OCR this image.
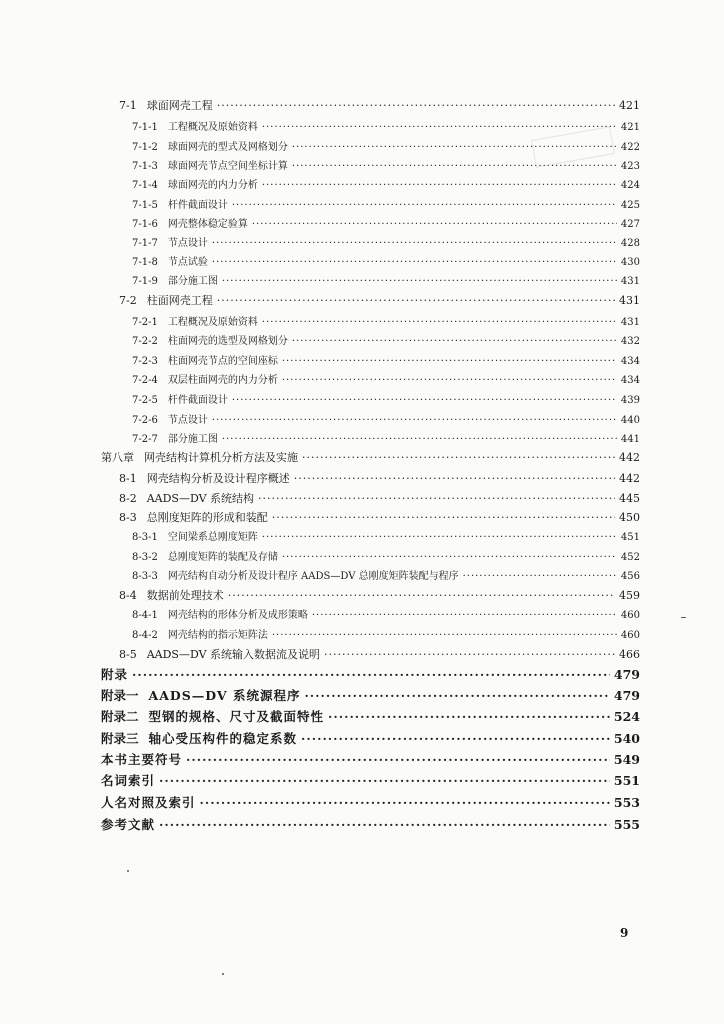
7-1 球面网壳工程 ·····	421
7-1-1 工程概况及原始资料 ·····	421
7-1-2 球面网壳的型式及网格划分 ·····	422
7-1-3 球面网壳节点空间坐标计算 ·····	423
7-1-4 球面网壳的内力分析 ·····	424
7-1-5 杆件截面设计 ·····	425
7-1-6 网壳整体稳定验算 ·····	427
7-1-7 节点设计 ·····	428
7-1-8 节点试验 ·····	430
7-1-9 部分施工图 ·····	431
7-2 柱面网壳工程 ·····	431
7-2-1 工程概况及原始资料 ·····	431
7-2-2 柱面网壳的选型及网格划分 ·····	432
7-2-3 柱面网壳节点的空间座标 ·····	434
7-2-4 双层柱面网壳的内力分析 ·····	434
7-2-5 杆件截面设计 ·····	439
7-2-6 节点设计 ·····	440
7-2-7 部分施工图 ·····	441
第八章 网壳结构计算机分析方法及实施 ·····	442
8-1 网壳结构分析及设计程序概述 ·····	442
8-2 AADS—DV 系统结构 ·····	445
8-3 总刚度矩阵的形成和装配 ·····	450
8-3-1 空间梁系总刚度矩阵 ·····	451
8-3-2 总刚度矩阵的装配及存储 ·····	452
8-3-3 网壳结构自动分析及设计程序 AADS—DV 总刚度矩阵装配与程序 ·····	456
8-4 数据前处理技术 ·····	459
8-4-1 网壳结构的形体分析及成形策略 ·····	460
8-4-2 网壳结构的指示矩阵法 ·····	460
8-5 AADS—DV 系统输入数据流及说明 ·····	466
附录 ·····	479
附录一 AADS—DV 系统源程序 ·····	479
附录二 型钢的规格、尺寸及截面特性 ·····	524
附录三 轴心受压构件的稳定系数 ·····	540
本书主要符号 ·····	549
名词索引 ·····	551
人名对照及索引 ·····	553
参考文献 ·····	555
9
